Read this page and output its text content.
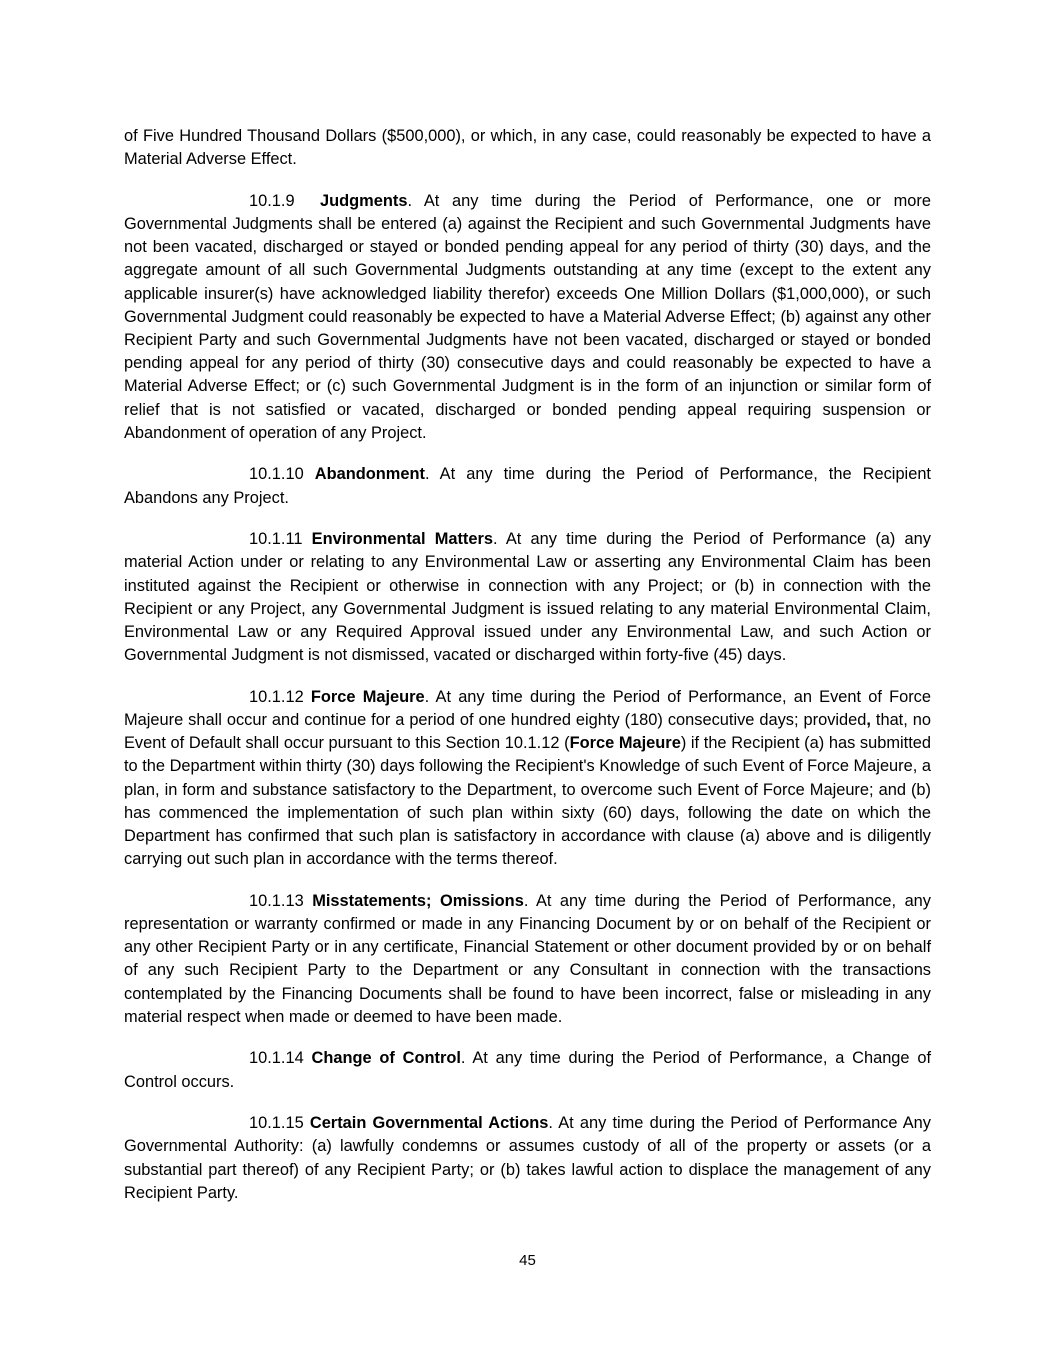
of Five Hundred Thousand Dollars ($500,000), or which, in any case, could reasonably be expected to have a Material Adverse Effect.

10.1.9 Judgments. At any time during the Period of Performance, one or more Governmental Judgments shall be entered (a) against the Recipient and such Governmental Judgments have not been vacated, discharged or stayed or bonded pending appeal for any period of thirty (30) days, and the aggregate amount of all such Governmental Judgments outstanding at any time (except to the extent any applicable insurer(s) have acknowledged liability therefor) exceeds One Million Dollars ($1,000,000), or such Governmental Judgment could reasonably be expected to have a Material Adverse Effect; (b) against any other Recipient Party and such Governmental Judgments have not been vacated, discharged or stayed or bonded pending appeal for any period of thirty (30) consecutive days and could reasonably be expected to have a Material Adverse Effect; or (c) such Governmental Judgment is in the form of an injunction or similar form of relief that is not satisfied or vacated, discharged or bonded pending appeal requiring suspension or Abandonment of operation of any Project.

10.1.10 Abandonment. At any time during the Period of Performance, the Recipient Abandons any Project.

10.1.11 Environmental Matters. At any time during the Period of Performance (a) any material Action under or relating to any Environmental Law or asserting any Environmental Claim has been instituted against the Recipient or otherwise in connection with any Project; or (b) in connection with the Recipient or any Project, any Governmental Judgment is issued relating to any material Environmental Claim, Environmental Law or any Required Approval issued under any Environmental Law, and such Action or Governmental Judgment is not dismissed, vacated or discharged within forty-five (45) days.

10.1.12 Force Majeure. At any time during the Period of Performance, an Event of Force Majeure shall occur and continue for a period of one hundred eighty (180) consecutive days; provided, that, no Event of Default shall occur pursuant to this Section 10.1.12 (Force Majeure) if the Recipient (a) has submitted to the Department within thirty (30) days following the Recipient's Knowledge of such Event of Force Majeure, a plan, in form and substance satisfactory to the Department, to overcome such Event of Force Majeure; and (b) has commenced the implementation of such plan within sixty (60) days, following the date on which the Department has confirmed that such plan is satisfactory in accordance with clause (a) above and is diligently carrying out such plan in accordance with the terms thereof.

10.1.13 Misstatements; Omissions. At any time during the Period of Performance, any representation or warranty confirmed or made in any Financing Document by or on behalf of the Recipient or any other Recipient Party or in any certificate, Financial Statement or other document provided by or on behalf of any such Recipient Party to the Department or any Consultant in connection with the transactions contemplated by the Financing Documents shall be found to have been incorrect, false or misleading in any material respect when made or deemed to have been made.

10.1.14 Change of Control. At any time during the Period of Performance, a Change of Control occurs.

10.1.15 Certain Governmental Actions. At any time during the Period of Performance Any Governmental Authority: (a) lawfully condemns or assumes custody of all of the property or assets (or a substantial part thereof) of any Recipient Party; or (b) takes lawful action to displace the management of any Recipient Party.

45
